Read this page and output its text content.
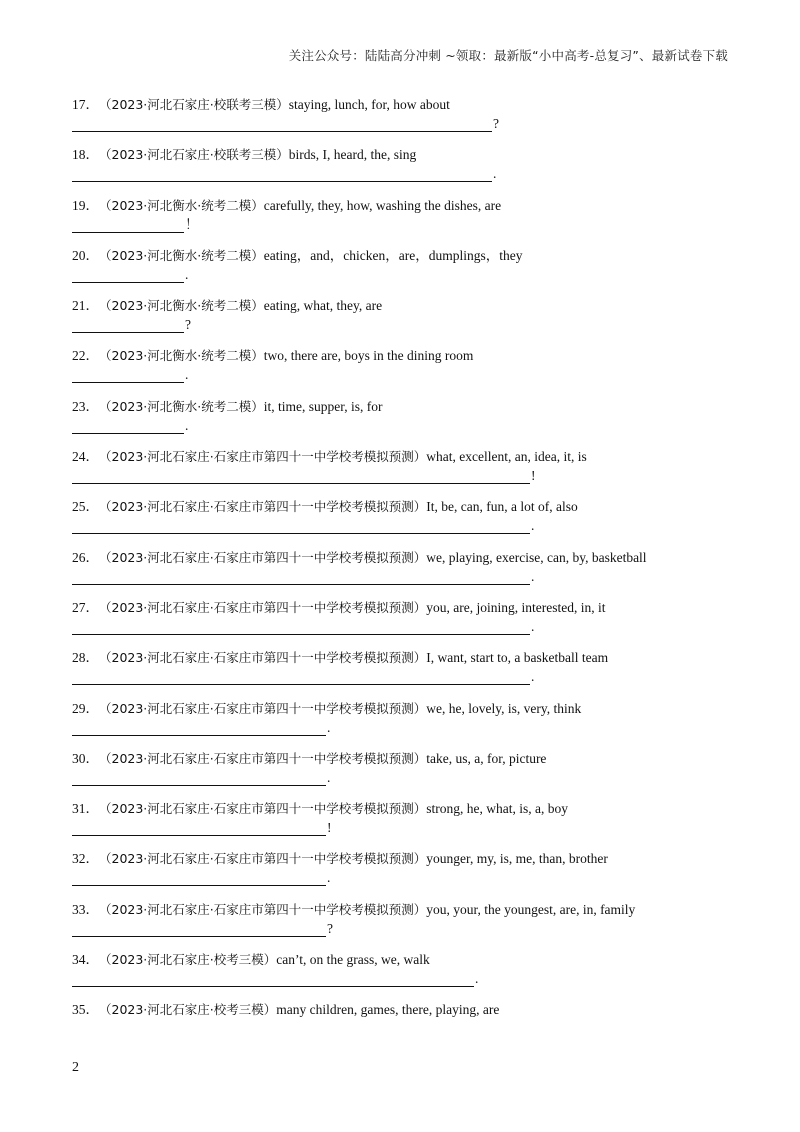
关注公众号：陆陆高分冲刺 ~领取：最新版“小中高考-总复习”、最新试卷下载
17．（2023·河北石家庄·校联考三模）staying, lunch, for, how about
?
18．（2023·河北石家庄·校联考三模）birds, I, heard, the, sing
.
19．（2023·河北衡水·统考二模）carefully, they, how, washing the dishes, are
！
20．（2023·河北衡水·统考二模）eating，and，chicken，are，dumplings，they
.
21．（2023·河北衡水·统考二模）eating, what, they, are
?
22．（2023·河北衡水·统考二模）two, there are, boys in the dining room
.
23．（2023·河北衡水·统考二模）it, time, supper, is, for
.
24．（2023·河北石家庄·石家庄市第四十一中学校考模拟预测）what, excellent, an, idea, it, is
!
25．（2023·河北石家庄·石家庄市第四十一中学校考模拟预测）It, be, can, fun, a lot of, also
.
26．（2023·河北石家庄·石家庄市第四十一中学校考模拟预测）we, playing, exercise, can, by, basketball
.
27．（2023·河北石家庄·石家庄市第四十一中学校考模拟预测）you, are, joining, interested, in, it
.
28．（2023·河北石家庄·石家庄市第四十一中学校考模拟预测）I, want, start to, a basketball team
.
29．（2023·河北石家庄·石家庄市第四十一中学校考模拟预测）we, he, lovely, is, very, think
.
30．（2023·河北石家庄·石家庄市第四十一中学校考模拟预测）take, us, a, for, picture
.
31．（2023·河北石家庄·石家庄市第四十一中学校考模拟预测）strong, he, what, is, a, boy
!
32．（2023·河北石家庄·石家庄市第四十一中学校考模拟预测）younger, my, is, me, than, brother
.
33．（2023·河北石家庄·石家庄市第四十一中学校考模拟预测）you, your, the youngest, are, in, family
?
34．（2023·河北石家庄·校考三模）can’t, on the grass, we, walk
.
35．（2023·河北石家庄·校考三模）many children, games, there, playing, are
2
